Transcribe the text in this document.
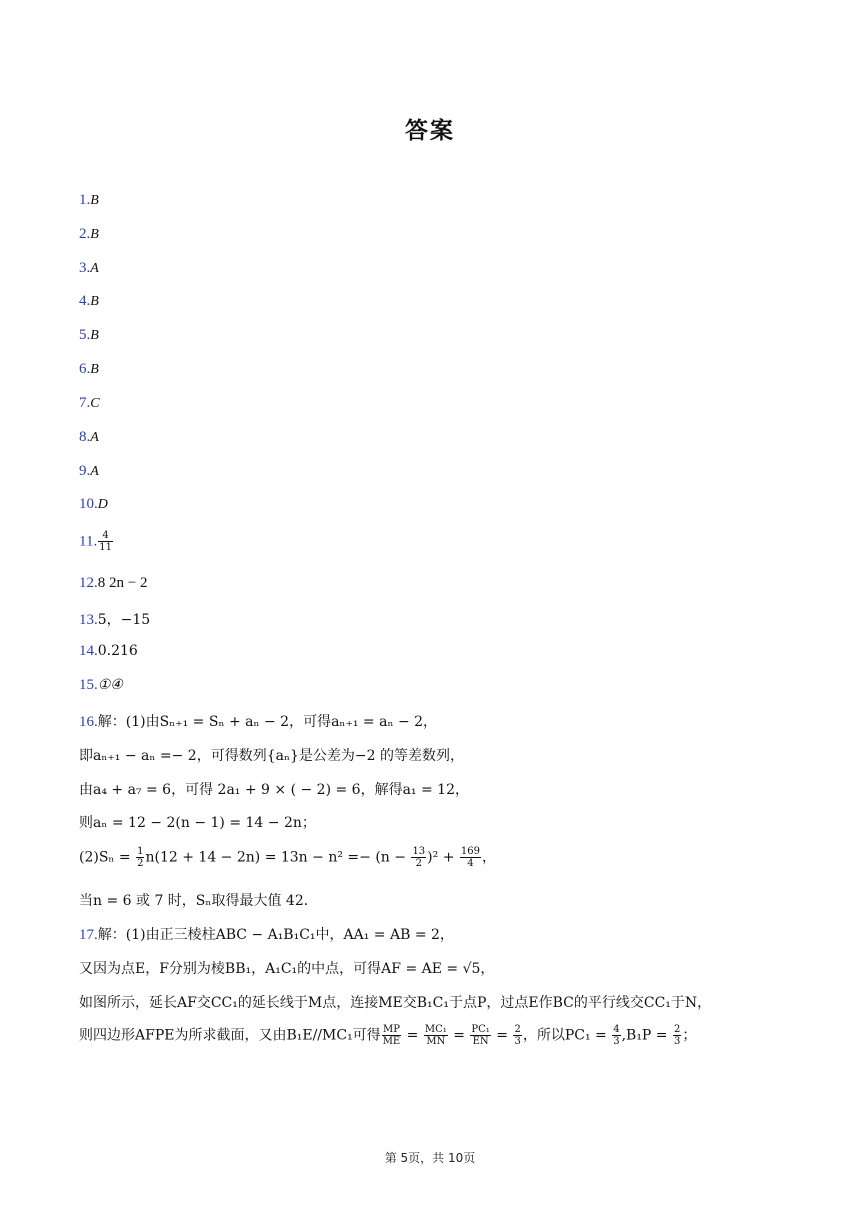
答案
1.B
2.B
3.A
4.B
5.B
6.B
7.C
8.A
9.A
10.D
11. $\frac{4}{11}$
12.8 2n − 2
13.5，−15
14.0.216
15.①④
16.解：(1)由Sₙ₊₁ = Sₙ + aₙ − 2，可得aₙ₊₁ = aₙ − 2，
即aₙ₊₁ − aₙ =− 2，可得数列{aₙ}是公差为−2 的等差数列，
由a₄ + a₇ = 6，可得 2a₁ + 9 × ( − 2) = 6，解得a₁ = 12，
则aₙ = 12 − 2(n − 1) = 14 − 2n；
$(2)S_n = \frac{1}{2} n(12 + 14 - 2n) = 13n - n^2 =- (n - \frac{13}{2} )^2 + \frac{169}{4}$ ，
当n = 6 或 7 时，Sₙ取得最大值 42．
17.解：(1)由正三棱柱ABC − A₁B₁C₁中，AA₁ = AB = 2，
又因为点E，F分别为棱BB₁，A₁C₁的中点，可得AF = AE = √5，
如图所示，延长AF交CC₁的延长线于M点，连接ME交B₁C₁于点P，过点E作BC的平行线交CC₁于N，
则四边形AFPE为所求截面，又由B₁E//MC₁可得 $\frac{MP}{ME} = \frac{\text{MC₁}}{MN} = \frac{\text{PC₁}}{EN} = \frac{2}{3}$ ，所以$PC_1 = \frac{4}{3} ,B_1P = \frac{2}{3}$ ；
第 5页，共 10页
